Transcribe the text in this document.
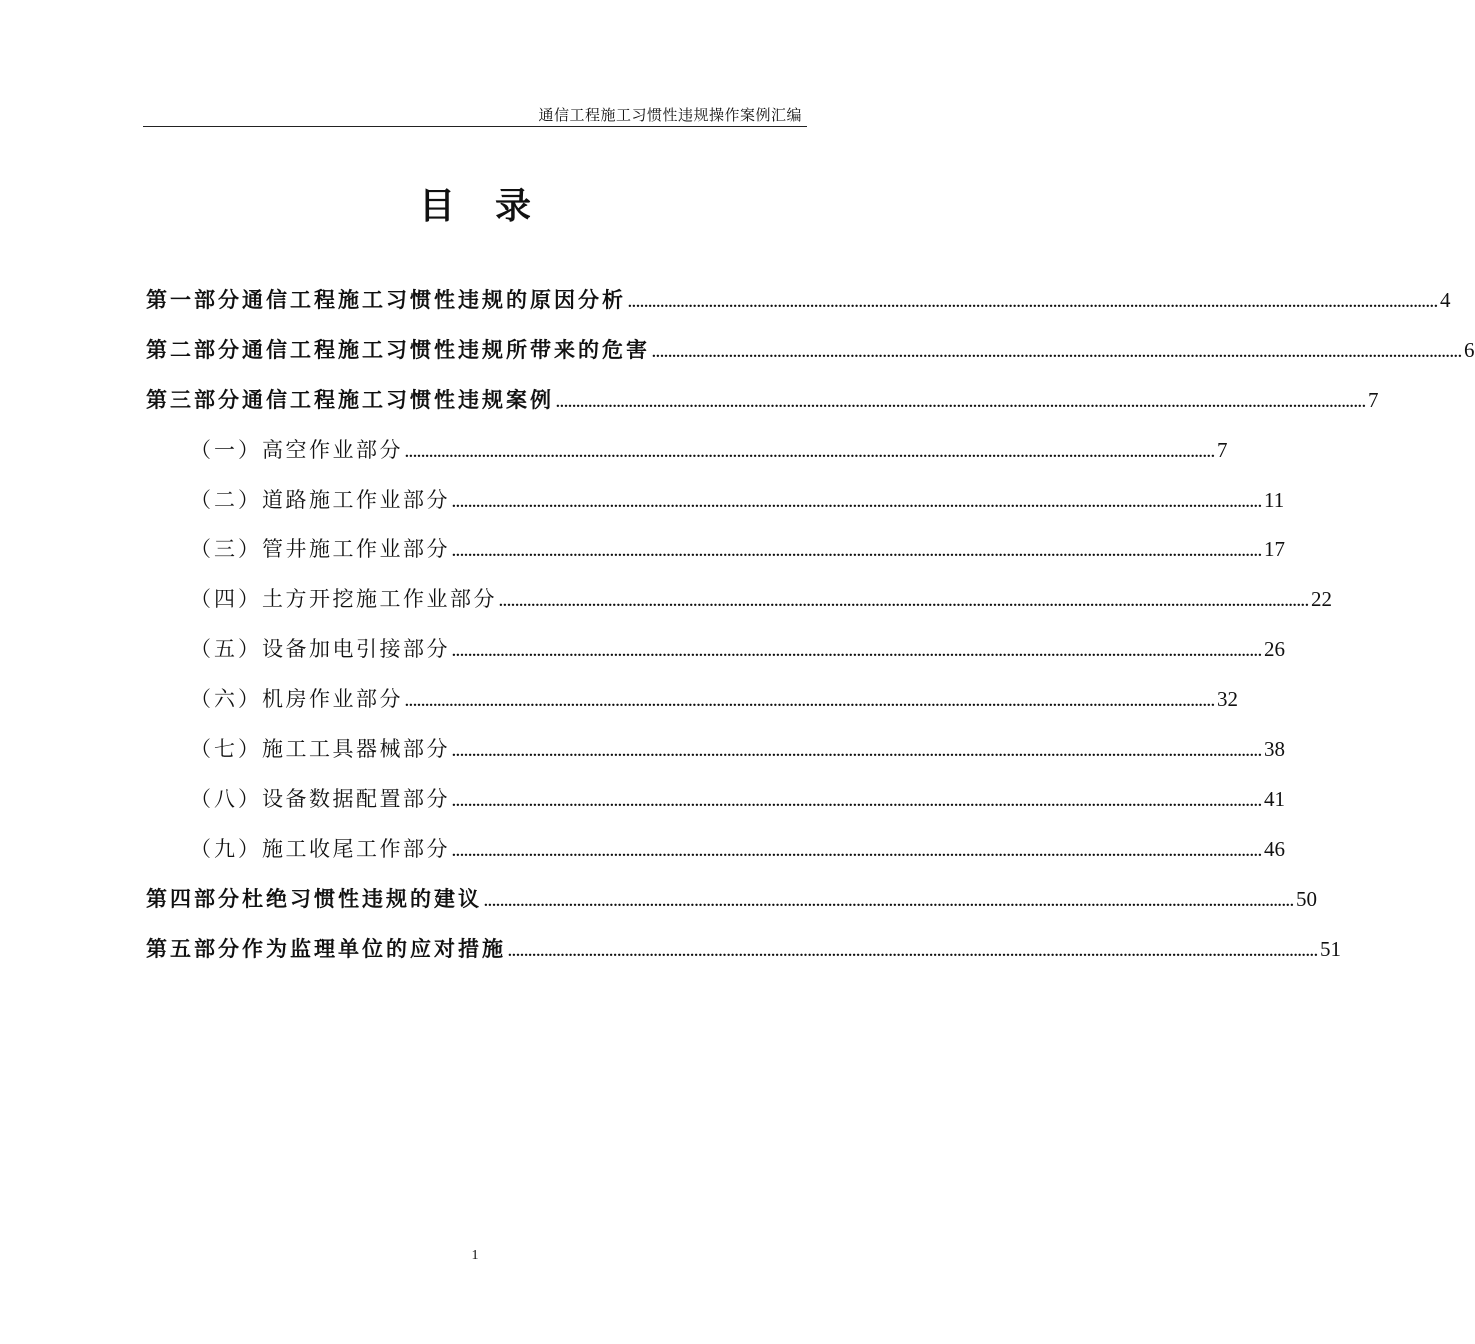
通信工程施工习惯性违规操作案例汇编
目录
第一部分 通信工程施工习惯性违规的原因分析 ........................................................................................................................................................................................................ 4
第二部分 通信工程施工习惯性违规所带来的危害 ........................................................................................................................................................................................................ 6
第三部分 通信工程施工习惯性违规案例 ........................................................................................................................................................................................................ 7
（一） 高空作业部分 ........................................................................................................................................................................................................ 7
（二） 道路施工作业部分 ........................................................................................................................................................................................................ 11
（三） 管井施工作业部分 ........................................................................................................................................................................................................ 17
（四） 土方开挖施工作业部分 ........................................................................................................................................................................................................ 22
（五） 设备加电引接部分 ........................................................................................................................................................................................................ 26
（六） 机房作业部分 ........................................................................................................................................................................................................ 32
（七） 施工工具器械部分 ........................................................................................................................................................................................................ 38
（八） 设备数据配置部分 ........................................................................................................................................................................................................ 41
（九） 施工收尾工作部分 ........................................................................................................................................................................................................ 46
第四部分 杜绝习惯性违规的建议 ........................................................................................................................................................................................................ 50
第五部分 作为监理单位的应对措施 ........................................................................................................................................................................................................ 51
1
